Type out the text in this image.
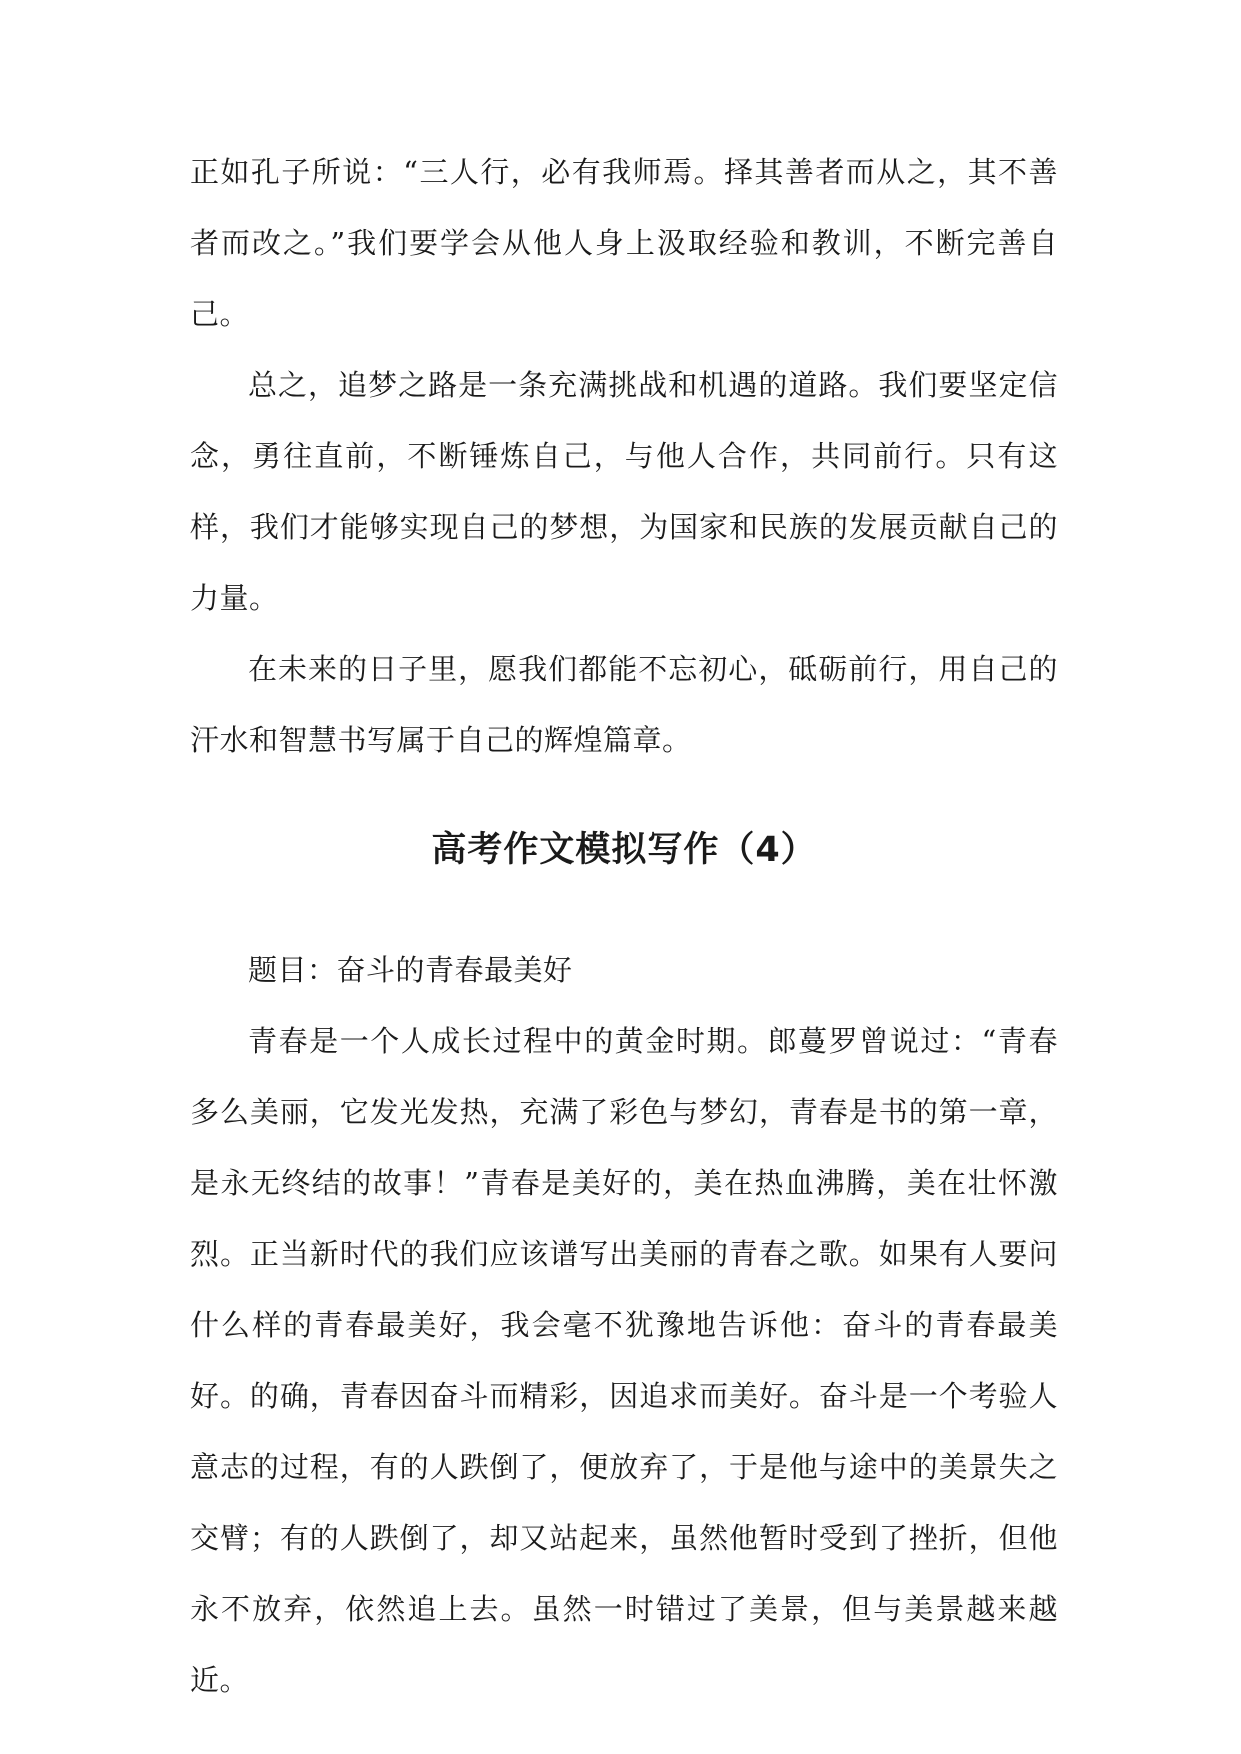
正如孔子所说：“三人行，必有我师焉。择其善者而从之，其不善者而改之。”我们要学会从他人身上汲取经验和教训，不断完善自己。

总之，追梦之路是一条充满挑战和机遇的道路。我们要坚定信念，勇往直前，不断锤炼自己，与他人合作，共同前行。只有这样，我们才能够实现自己的梦想，为国家和民族的发展贡献自己的力量。

在未来的日子里，愿我们都能不忘初心，砥砺前行，用自己的汗水和智慧书写属于自己的辉煌篇章。

高考作文模拟写作（4）

题目：奋斗的青春最美好

青春是一个人成长过程中的黄金时期。郎蔓罗曾说过：“青春多么美丽，它发光发热，充满了彩色与梦幻，青春是书的第一章，是永无终结的故事！”青春是美好的，美在热血沸腾，美在壮怀激烈。正当新时代的我们应该谱写出美丽的青春之歌。如果有人要问什么样的青春最美好，我会毫不犹豫地告诉他：奋斗的青春最美好。的确，青春因奋斗而精彩，因追求而美好。奋斗是一个考验人意志的过程，有的人跌倒了，便放弃了，于是他与途中的美景失之交臂；有的人跌倒了，却又站起来，虽然他暂时受到了挫折，但他永不放弃，依然追上去。虽然一时错过了美景，但与美景越来越近。
